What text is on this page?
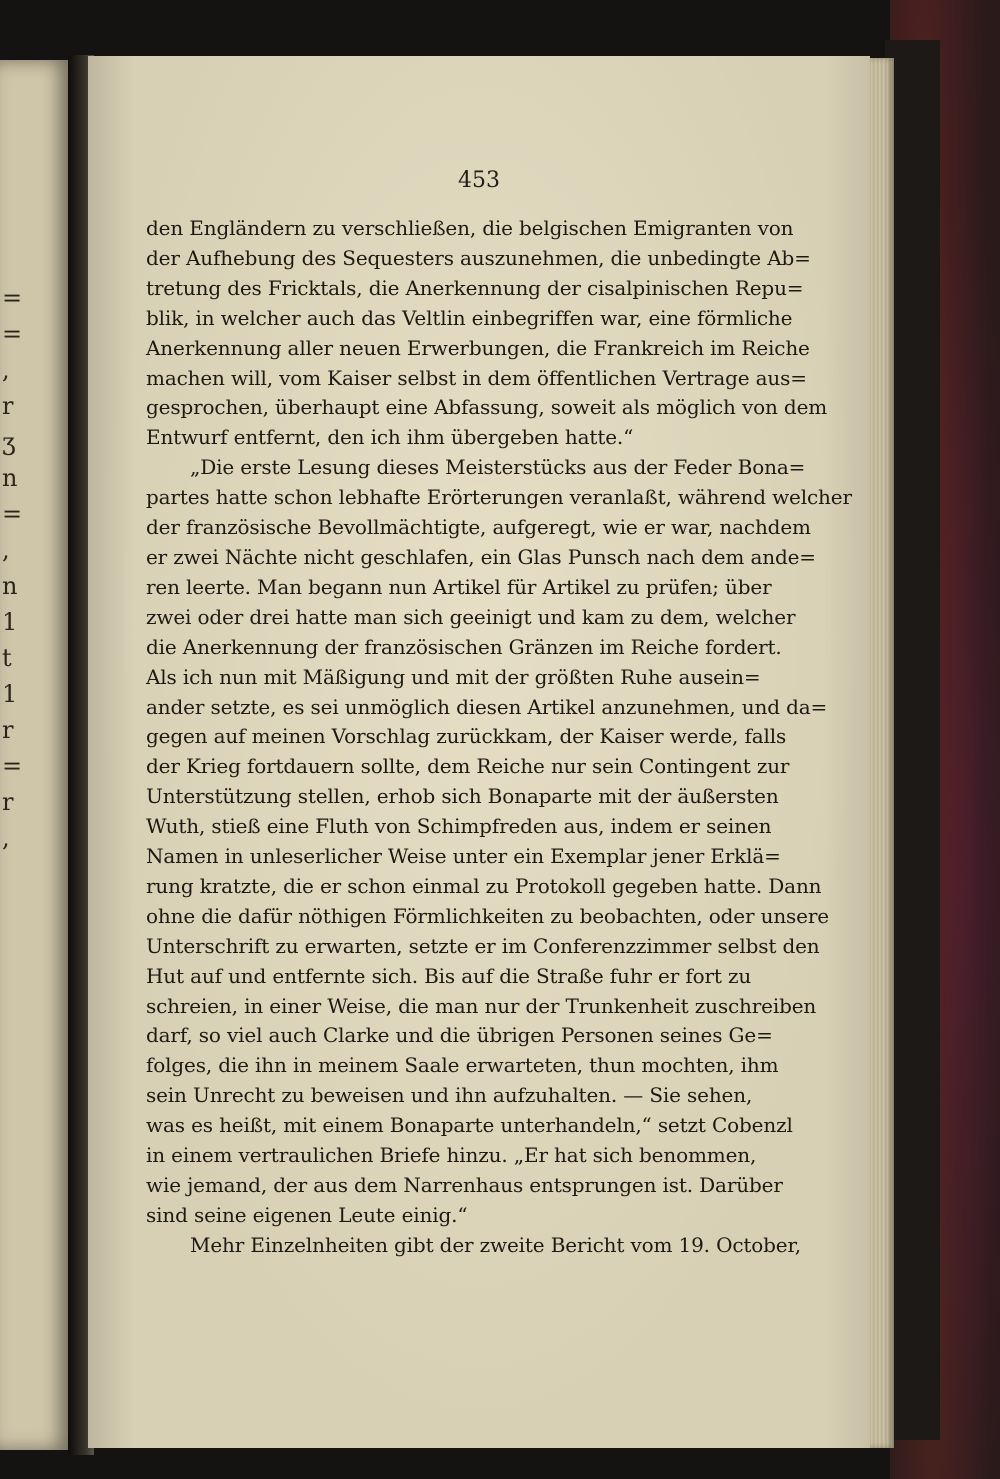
=
=
,
r
ʒ
n
=
,
n
1
t
1
r
=
r
,
453
den Engländern zu verschließen, die belgischen Emigranten von
der Aufhebung des Sequesters auszunehmen, die unbedingte Ab=
tretung des Fricktals, die Anerkennung der cisalpinischen Repu=
blik, in welcher auch das Veltlin einbegriffen war, eine förmliche
Anerkennung aller neuen Erwerbungen, die Frankreich im Reiche
machen will, vom Kaiser selbst in dem öffentlichen Vertrage aus=
gesprochen, überhaupt eine Abfassung, soweit als möglich von dem
Entwurf entfernt, den ich ihm übergeben hatte.“
„Die erste Lesung dieses Meisterstücks aus der Feder Bona=
partes hatte schon lebhafte Erörterungen veranlaßt, während welcher
der französische Bevollmächtigte, aufgeregt, wie er war, nachdem
er zwei Nächte nicht geschlafen, ein Glas Punsch nach dem ande=
ren leerte. Man begann nun Artikel für Artikel zu prüfen; über
zwei oder drei hatte man sich geeinigt und kam zu dem, welcher
die Anerkennung der französischen Gränzen im Reiche fordert.
Als ich nun mit Mäßigung und mit der größten Ruhe ausein=
ander setzte, es sei unmöglich diesen Artikel anzunehmen, und da=
gegen auf meinen Vorschlag zurückkam, der Kaiser werde, falls
der Krieg fortdauern sollte, dem Reiche nur sein Contingent zur
Unterstützung stellen, erhob sich Bonaparte mit der äußersten
Wuth, stieß eine Fluth von Schimpfreden aus, indem er seinen
Namen in unleserlicher Weise unter ein Exemplar jener Erklä=
rung kratzte, die er schon einmal zu Protokoll gegeben hatte. Dann
ohne die dafür nöthigen Förmlichkeiten zu beobachten, oder unsere
Unterschrift zu erwarten, setzte er im Conferenzzimmer selbst den
Hut auf und entfernte sich. Bis auf die Straße fuhr er fort zu
schreien, in einer Weise, die man nur der Trunkenheit zuschreiben
darf, so viel auch Clarke und die übrigen Personen seines Ge=
folges, die ihn in meinem Saale erwarteten, thun mochten, ihm
sein Unrecht zu beweisen und ihn aufzuhalten. — Sie sehen,
was es heißt, mit einem Bonaparte unterhandeln,“ setzt Cobenzl
in einem vertraulichen Briefe hinzu. „Er hat sich benommen,
wie jemand, der aus dem Narrenhaus entsprungen ist. Darüber
sind seine eigenen Leute einig.“
Mehr Einzelnheiten gibt der zweite Bericht vom 19. October,
